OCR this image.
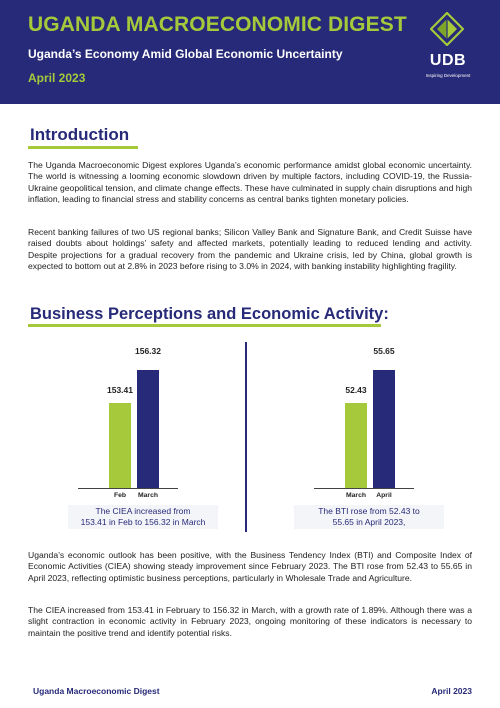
UGANDA MACROECONOMIC DIGEST
Uganda’s Economy Amid Global Economic Uncertainty
April 2023
UDB
Inspiring Development
Introduction

The Uganda Macroeconomic Digest explores Uganda’s economic performance amidst global economic uncertainty. The world is witnessing a looming economic slowdown driven by multiple factors, including COVID-19, the Russia-Ukraine geopolitical tension, and climate change effects. These have culminated in supply chain disruptions and high inflation, leading to financial stress and stability concerns as central banks tighten monetary policies.

Recent banking failures of two US regional banks; Silicon Valley Bank and Signature Bank, and Credit Suisse have raised doubts about holdings’ safety and affected markets, potentially leading to reduced lending and activity. Despite projections for a gradual recovery from the pandemic and Ukraine crisis, led by China, global growth is expected to bottom out at 2.8% in 2023 before rising to 3.0% in 2024, with banking instability highlighting fragility.

Business Perceptions and Economic Activity:
153.41
156.32
Feb	March
The CIEA increased from
153.41 in Feb to 156.32 in March
52.43
55.65
March	April
The BTI rose from 52.43 to
55.65 in April 2023,

Uganda’s economic outlook has been positive, with the Business Tendency Index (BTI) and Composite Index of Economic Activities (CIEA) showing steady improvement since February 2023. The BTI rose from 52.43 to 55.65 in April 2023, reflecting optimistic business perceptions, particularly in Wholesale Trade and Agriculture.

The CIEA increased from 153.41 in February to 156.32 in March, with a growth rate of 1.89%. Although there was a slight contraction in economic activity in February 2023, ongoing monitoring of these indicators is necessary to maintain the positive trend and identify potential risks.

Uganda Macroeconomic Digest	April 2023
